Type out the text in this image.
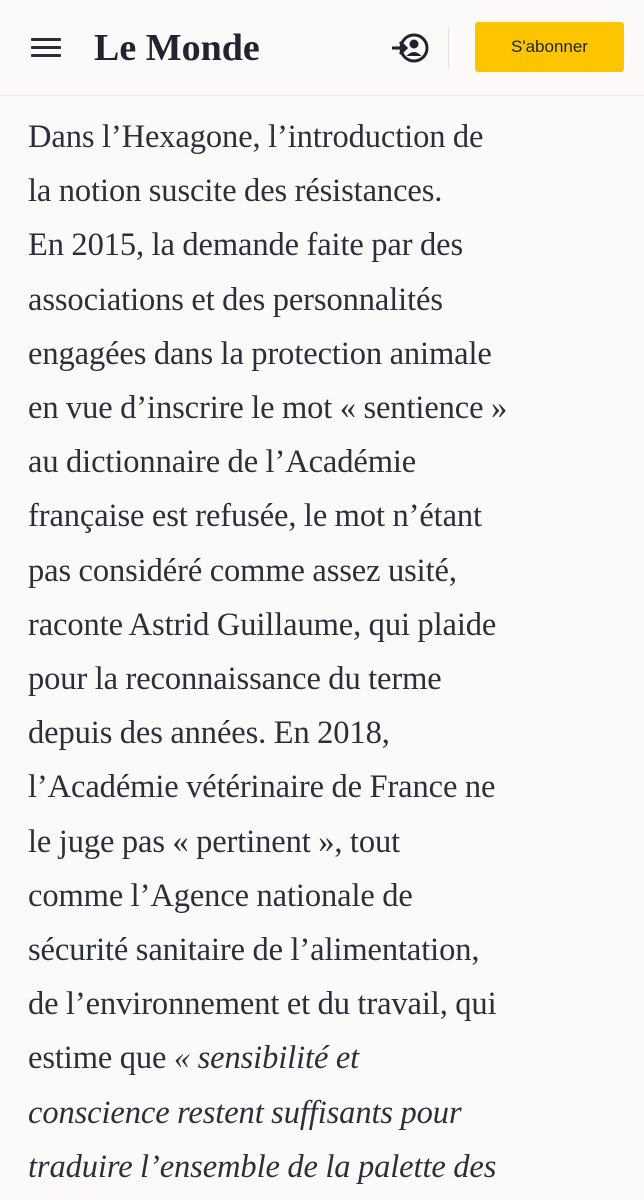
Le Monde	S'abonner

Dans l’Hexagone, l’introduction de
la notion suscite des résistances.
En 2015, la demande faite par des
associations et des personnalités
engagées dans la protection animale
en vue d’inscrire le mot « sentience »
au dictionnaire de l’Académie
française est refusée, le mot n’étant
pas considéré comme assez usité,
raconte Astrid Guillaume, qui plaide
pour la reconnaissance du terme
depuis des années. En 2018,
l’Académie vétérinaire de France ne
le juge pas « pertinent », tout
comme l’Agence nationale de
sécurité sanitaire de l’alimentation,
de l’environnement et du travail, qui
estime que « sensibilité et
conscience restent suffisants pour
traduire l’ensemble de la palette des
